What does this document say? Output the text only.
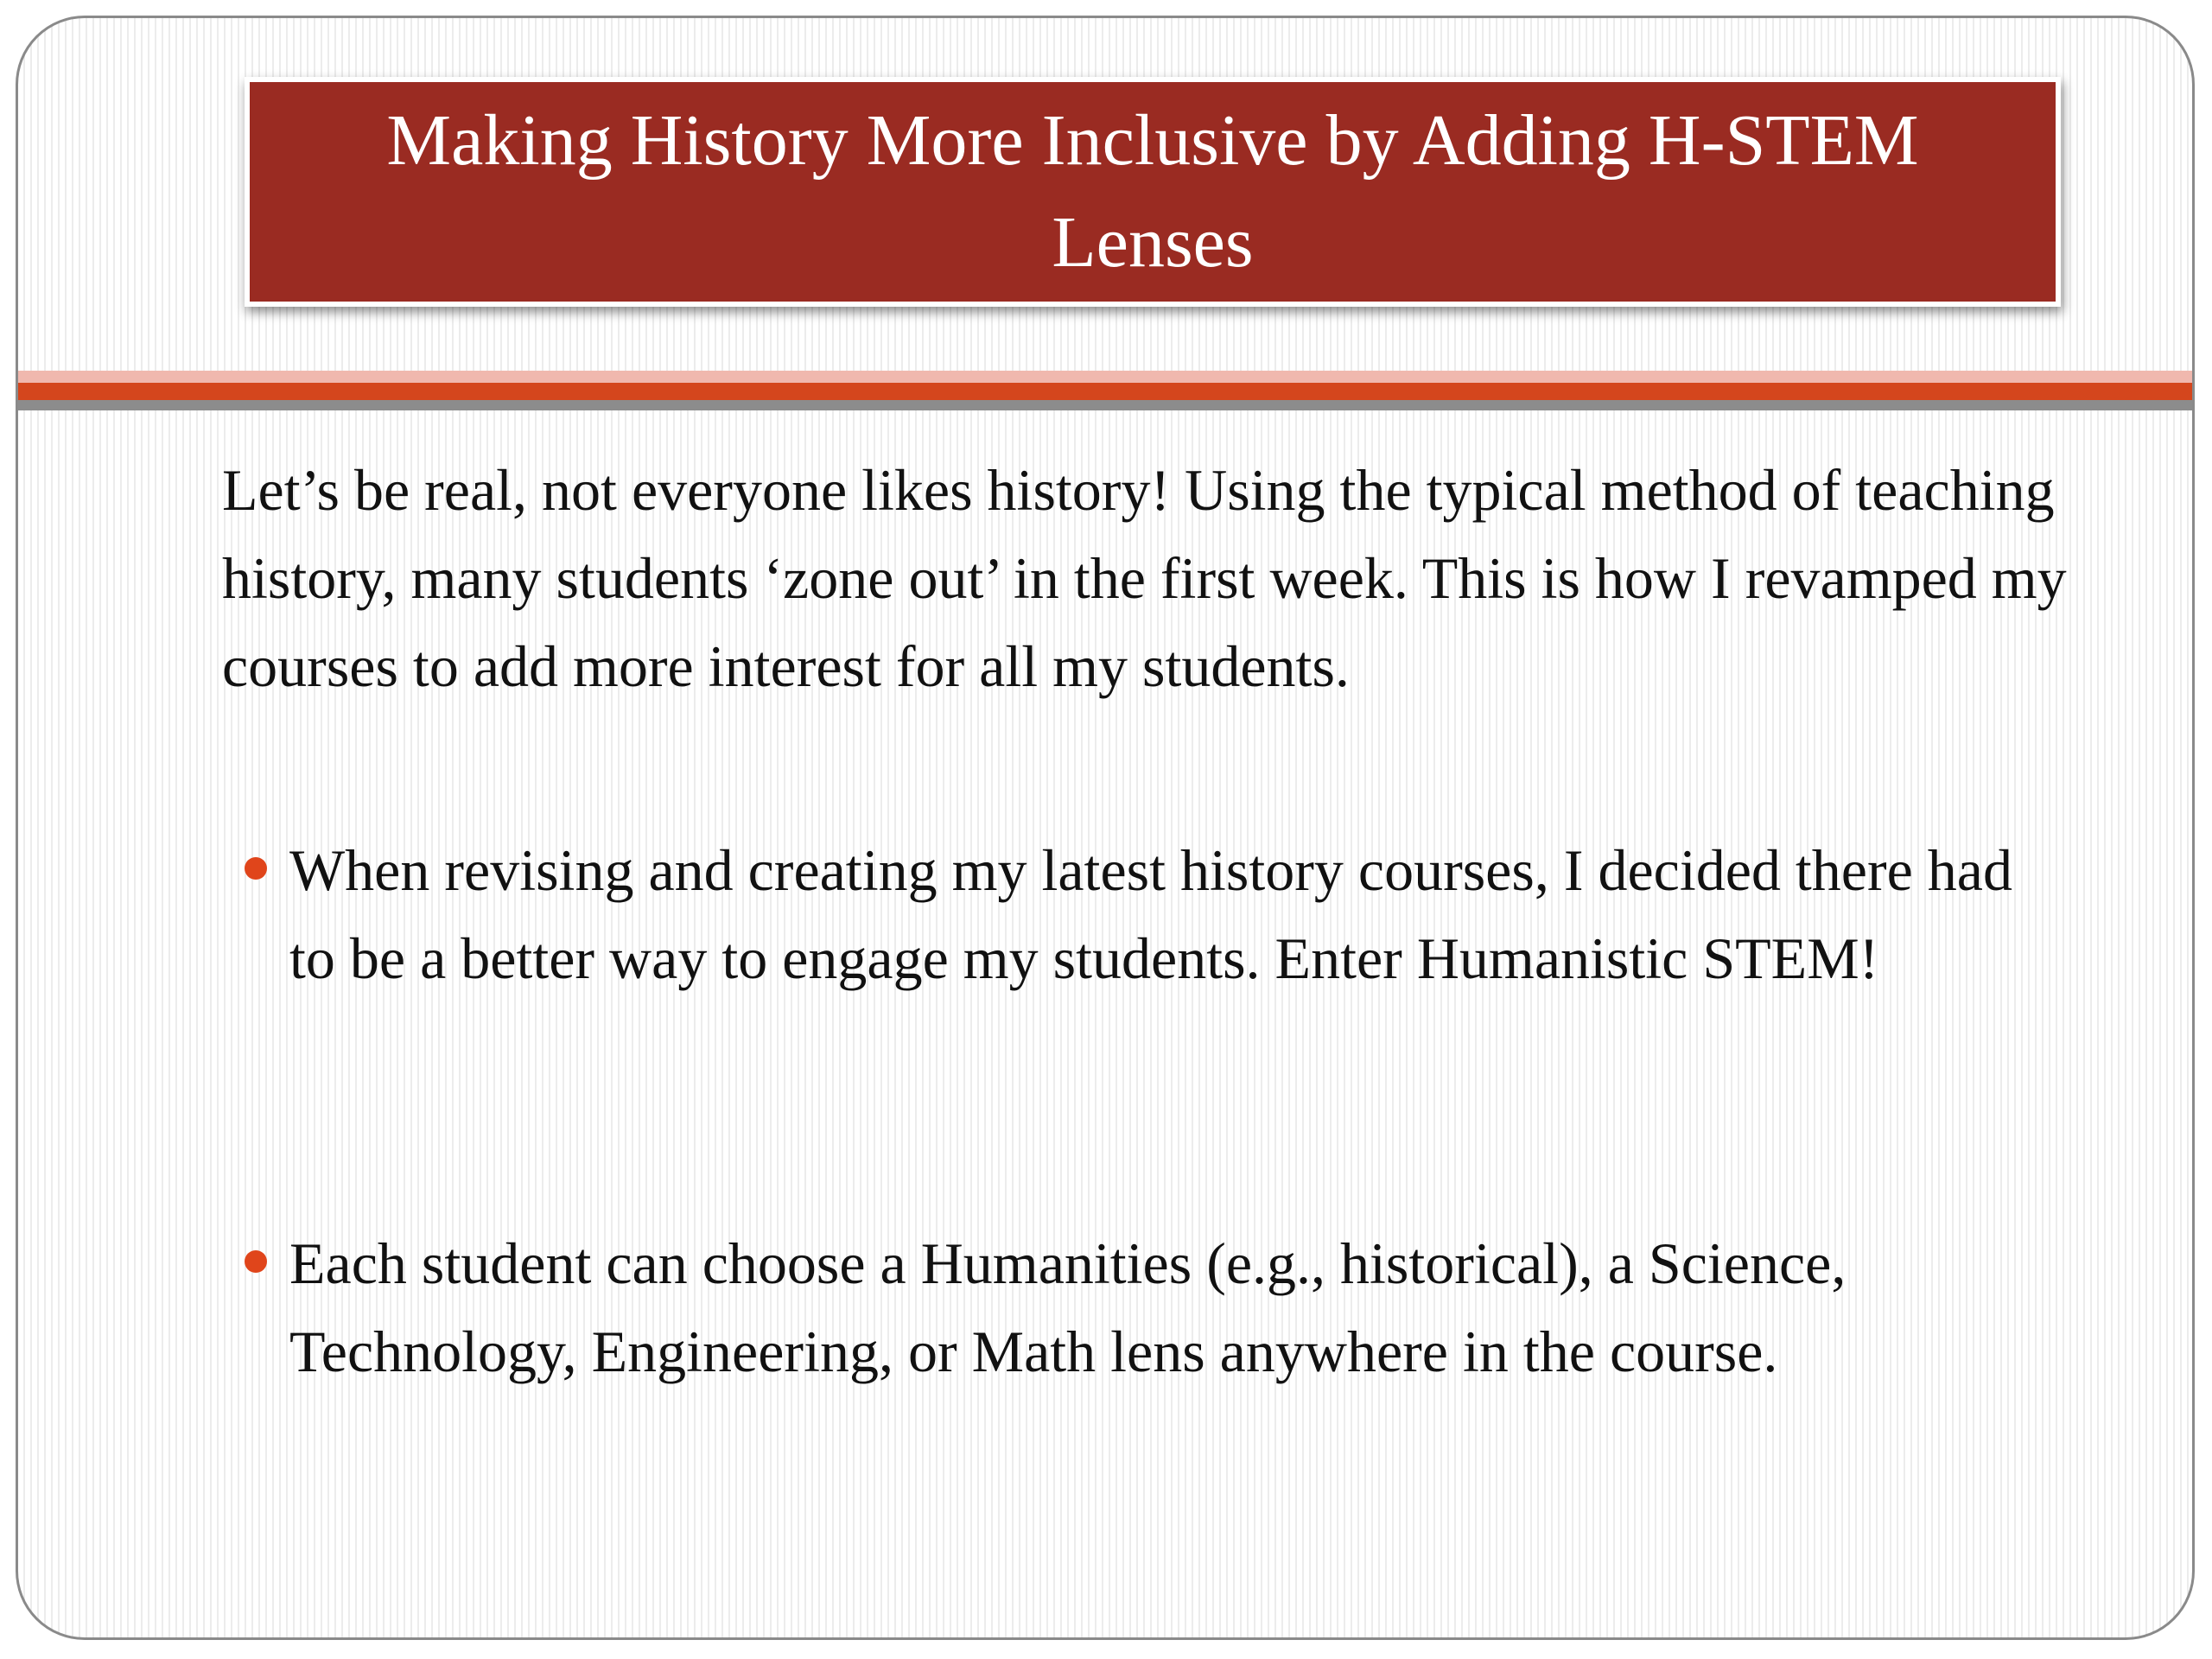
Making History More Inclusive by Adding H-STEM Lenses

Let’s be real, not everyone likes history! Using the typical method of teaching history, many students ‘zone out’ in the first week. This is how I revamped my courses to add more interest for all my students.

When revising and creating my latest history courses, I decided there had to be a better way to engage my students. Enter Humanistic STEM!
Each student can choose a Humanities (e.g., historical), a Science, Technology, Engineering, or Math lens anywhere in the course.
